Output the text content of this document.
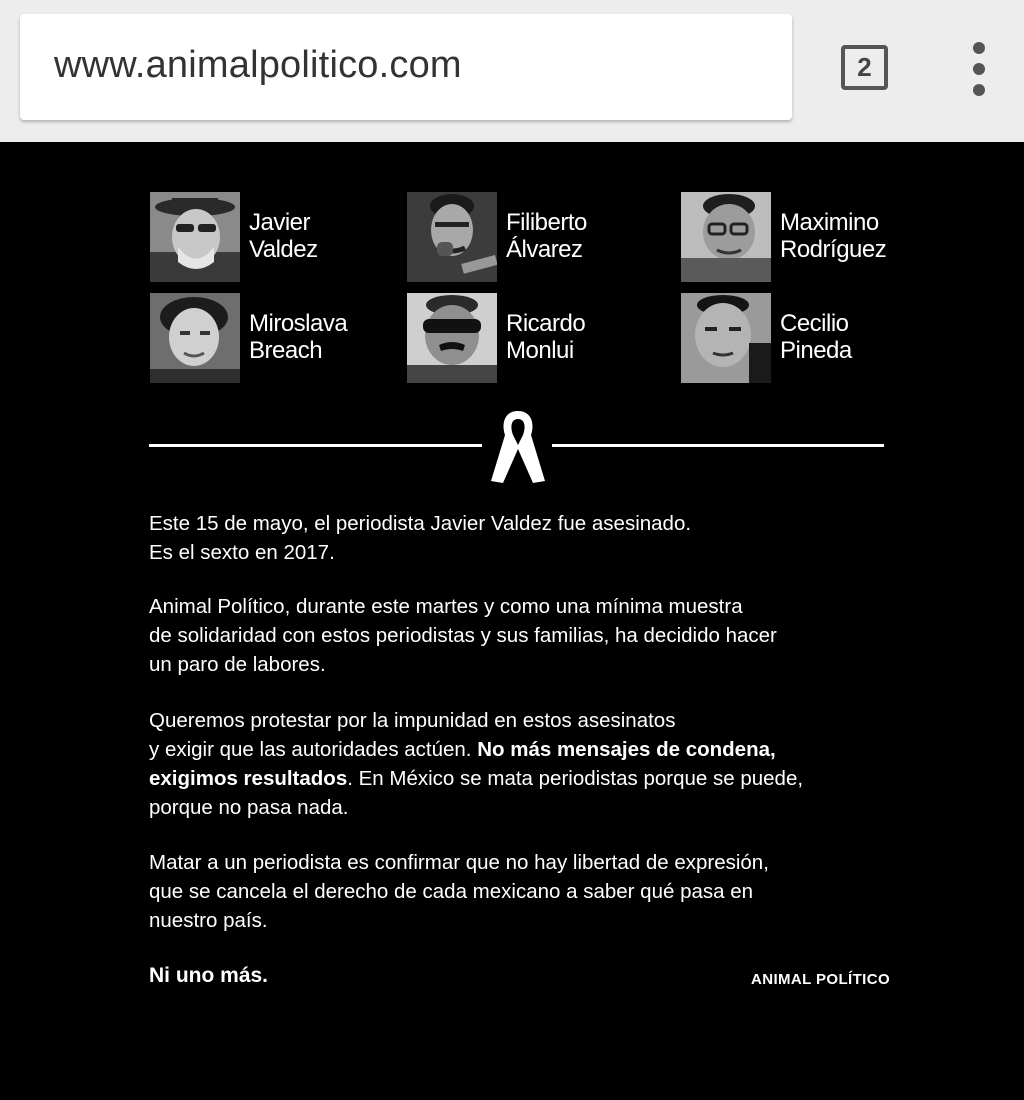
www.animalpolitico.com	2
Javier
Valdez
Filiberto
Álvarez
Maximino
Rodríguez
Miroslava
Breach
Ricardo
Monlui
Cecilio
Pineda
Este 15 de mayo, el periodista Javier Valdez fue asesinado.
Es el sexto en 2017.
Animal Político, durante este martes y como una mínima muestra
de solidaridad con estos periodistas y sus familias, ha decidido hacer
un paro de labores.
Queremos protestar por la impunidad en estos asesinatos
y exigir que las autoridades actúen. No más mensajes de condena,
exigimos resultados. En México se mata periodistas porque se puede,
porque no pasa nada.
Matar a un periodista es confirmar que no hay libertad de expresión,
que se cancela el derecho de cada mexicano a saber qué pasa en
nuestro país.
Ni uno más.	ANIMAL POLÍTICO
